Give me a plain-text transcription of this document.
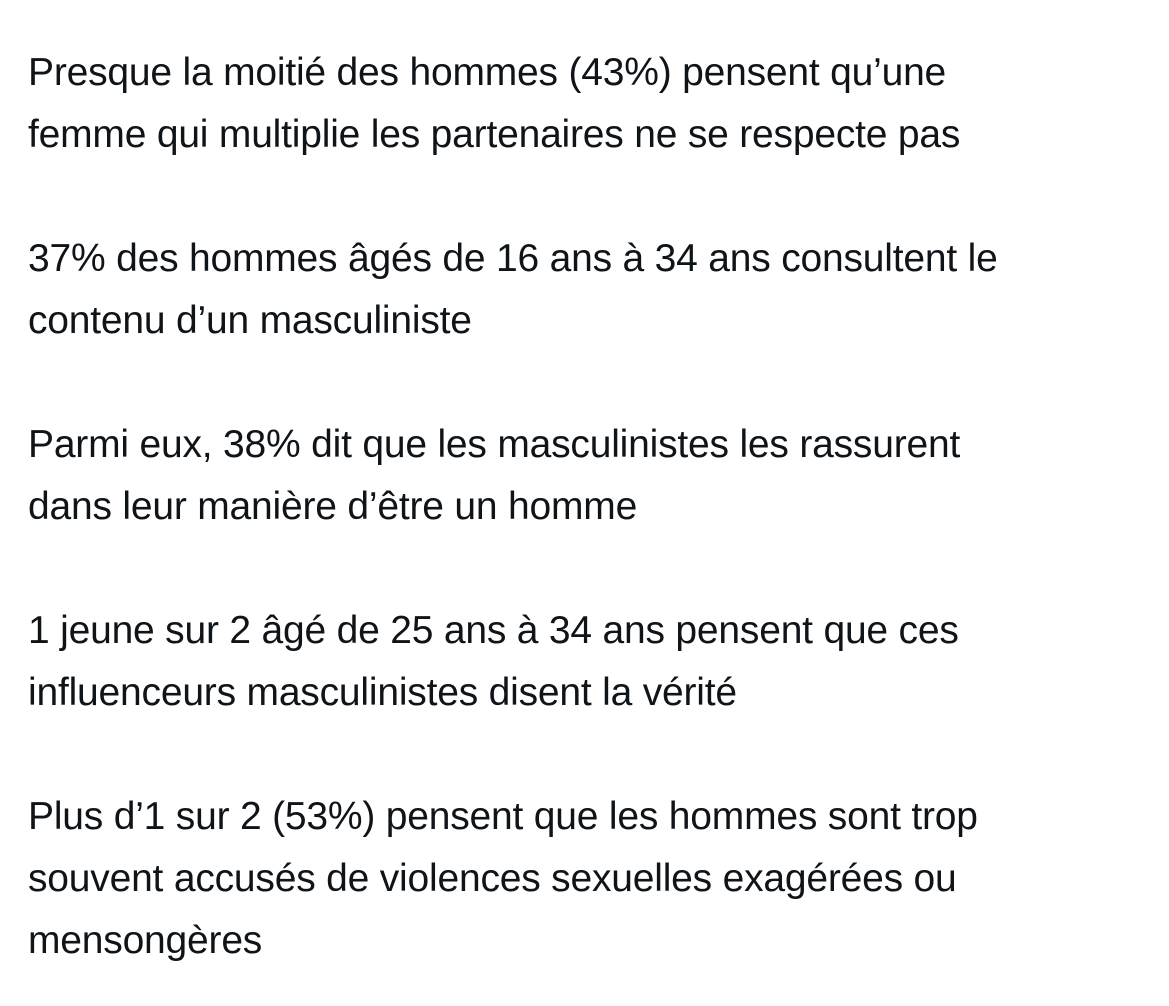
Presque la moitié des hommes (43%) pensent qu’une
femme qui multiplie les partenaires ne se respecte pas

37% des hommes âgés de 16 ans à 34 ans consultent le
contenu d’un masculiniste

Parmi eux, 38% dit que les masculinistes les rassurent
dans leur manière d’être un homme

1 jeune sur 2 âgé de 25 ans à 34 ans pensent que ces
influenceurs masculinistes disent la vérité

Plus d’1 sur 2 (53%) pensent que les hommes sont trop
souvent accusés de violences sexuelles exagérées ou
mensongères
